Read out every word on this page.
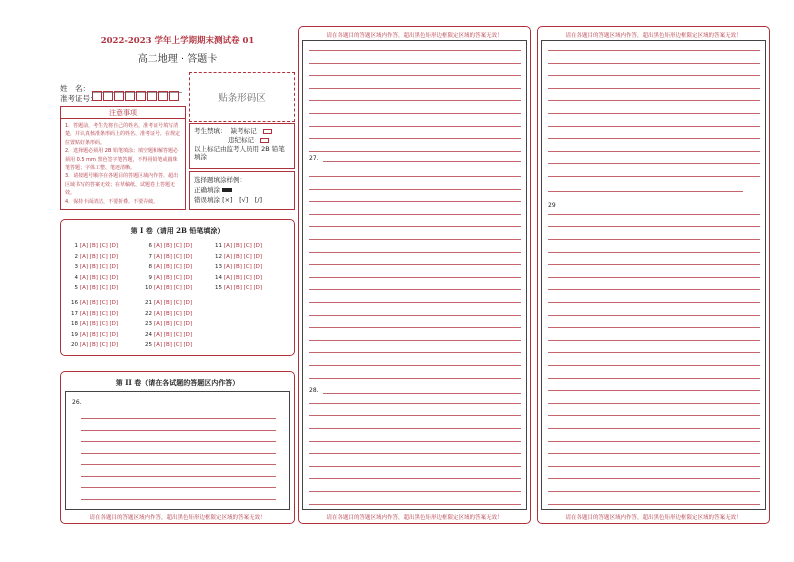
2022-2023 学年上学期期末测试卷 01
高二地理 · 答题卡
姓　名：
准考证号：	贴条形码区
注意事项
1．答题前，考生先将自己的姓名，准考证号填写清楚，并认真核准条形码上的姓名、准考证号，在规定位置贴好条形码。
2．选择题必须用 2B 铅笔填涂；填空题和解答题必须用 0.5 mm 黑色签字笔答题，不得用铅笔或圆珠笔答题；字体工整、笔迹清晰。
3．请按题号顺序在各题目的答题区域内作答，超出区域书写的答案无效；在草稿纸、试题卷上答题无效。
4．保持卡面清洁，不要折叠、不要弄破。
考生禁填： 缺考标记
违纪标记
以上标记由监考人员用 2B 铅笔填涂
选择题填涂样例：
正确填涂
错误填涂 [×]　[√]　[/]
第 I 卷（请用 2B 铅笔填涂）
1 [A] [B] [C] [D]
2 [A] [B] [C] [D]
3 [A] [B] [C] [D]
4 [A] [B] [C] [D]
5 [A] [B] [C] [D]
6 [A] [B] [C] [D]
7 [A] [B] [C] [D]
8 [A] [B] [C] [D]
9 [A] [B] [C] [D]
10 [A] [B] [C] [D]
11 [A] [B] [C] [D]
12 [A] [B] [C] [D]
13 [A] [B] [C] [D]
14 [A] [B] [C] [D]
15 [A] [B] [C] [D]
16 [A] [B] [C] [D]
17 [A] [B] [C] [D]
18 [A] [B] [C] [D]
19 [A] [B] [C] [D]
20 [A] [B] [C] [D]
21 [A] [B] [C] [D]
22 [A] [B] [C] [D]
23 [A] [B] [C] [D]
24 [A] [B] [C] [D]
25 [A] [B] [C] [D]
第 II 卷（请在各试题的答题区内作答）
26.
请在各题目的答题区域内作答，超出黑色矩形边框限定区域的答案无效！
请在各题目的答题区域内作答，超出黑色矩形边框限定区域的答案无效！
27.
28.
请在各题目的答题区域内作答，超出黑色矩形边框限定区域的答案无效！
请在各题目的答题区域内作答，超出黑色矩形边框限定区域的答案无效！
29
请在各题目的答题区域内作答，超出黑色矩形边框限定区域的答案无效！
